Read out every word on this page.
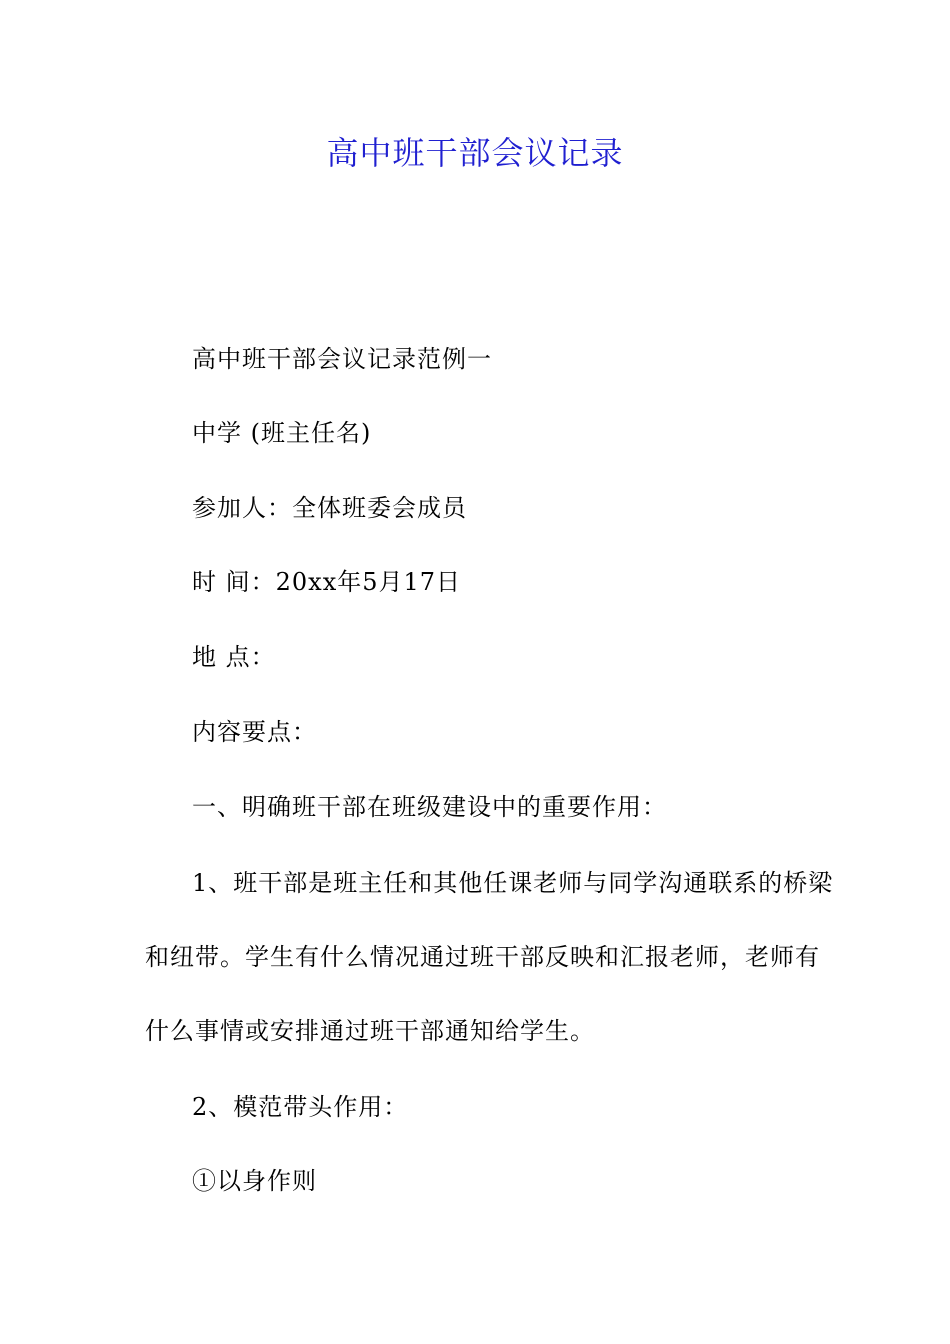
高中班干部会议记录
高中班干部会议记录范例一
中学 (班主任名)
参加人：全体班委会成员
时 间：20xx年5月17日
地 点：
内容要点：
一、明确班干部在班级建设中的重要作用：
1、班干部是班主任和其他任课老师与同学沟通联系的桥梁
和纽带。学生有什么情况通过班干部反映和汇报老师，老师有
什么事情或安排通过班干部通知给学生。
2、模范带头作用：
①以身作则
